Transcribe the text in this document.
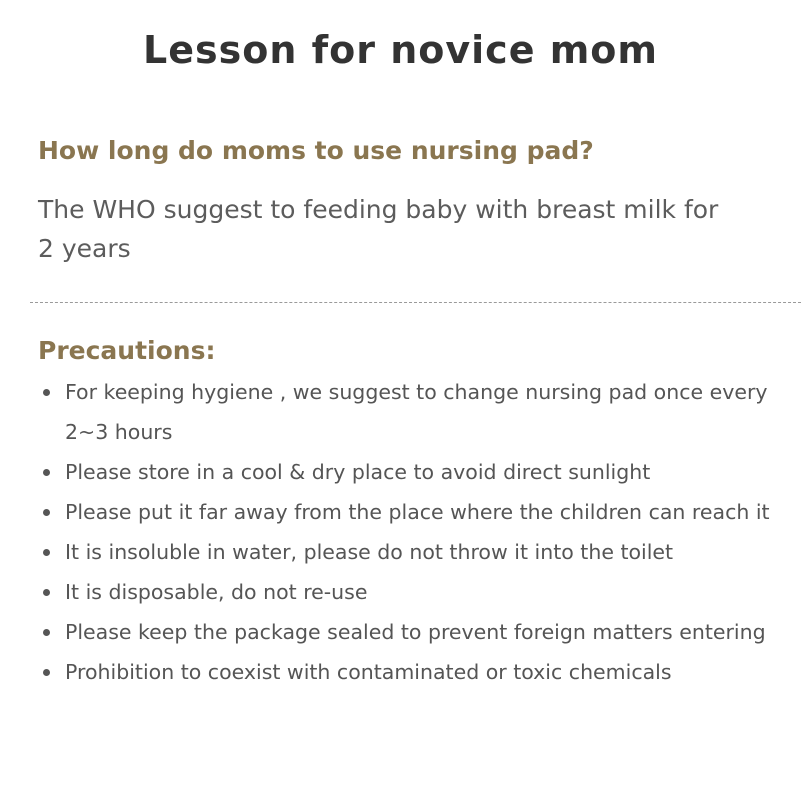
Lesson for novice mom
How long do moms to use nursing pad?
The WHO suggest to feeding baby with breast milk for 2 years
Precautions:
For keeping hygiene , we suggest to change nursing pad once every 2~3 hours
Please store in a cool & dry place to avoid direct sunlight
Please put it far away from the place where the children can reach it
It is insoluble in water, please do not throw it into the toilet
It is disposable, do not re-use
Please keep the package sealed to prevent foreign matters entering
Prohibition to coexist with contaminated or toxic chemicals
